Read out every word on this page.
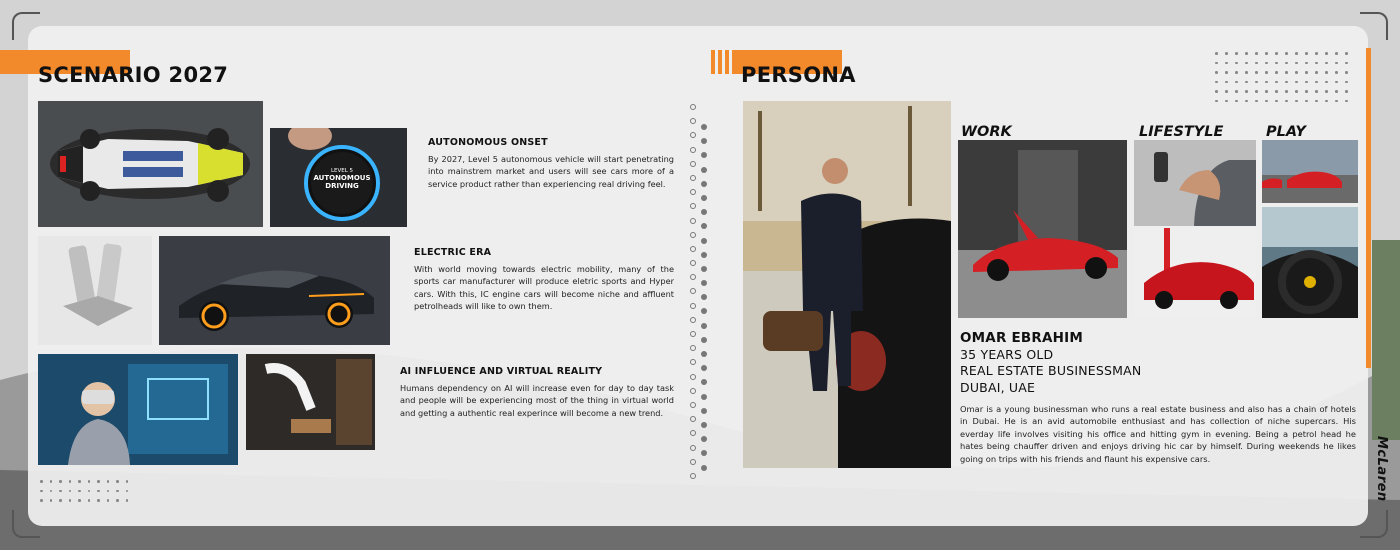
SCENARIO 2027
LEVEL 5
AUTONOMOUS
DRIVING
AUTONOMOUS ONSET
By 2027, Level 5 autonomous vehicle will start penetrating into mainstrem market and users will see cars more of a service product rather than experiencing real driving feel.
ELECTRIC ERA
With world moving towards electric mobility, many of the sports car manufacturer will produce eletric sports and Hyper cars. With this, IC engine cars will become niche and affluent petrolheads will like to own them.
AI INFLUENCE AND VIRTUAL REALITY
Humans dependency on AI will increase even for day to day task and people will be experiencing most of the thing in virtual world and getting a authentic real experince will become a new trend.
PERSONA
WORK	LIFESTYLE	PLAY
OMAR EBRAHIM
35 YEARS OLD
REAL ESTATE BUSINESSMAN
DUBAI, UAE
Omar is a young businessman who runs a real estate business and also has a chain of hotels in Dubai. He is an avid automobile enthusiast and has collection of niche supercars. His everday life involves visiting his office and hitting gym in evening. Being a petrol head he hates being chauffer driven and enjoys driving hic car by himself. During weekends he likes going on trips with his friends and flaunt his expensive cars.	McLaren
